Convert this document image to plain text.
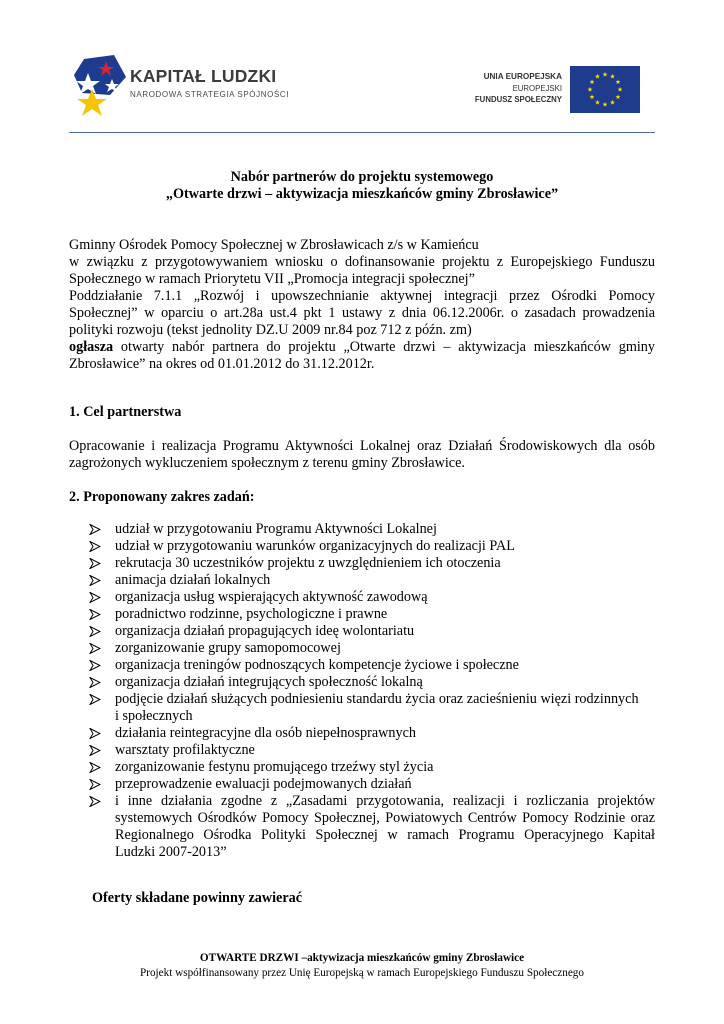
KAPITAŁ LUDZKI
NARODOWA STRATEGIA SPÓJNOŚCI
UNIA EUROPEJSKA
EUROPEJSKI
FUNDUSZ SPOŁECZNY
Nabór partnerów do projektu systemowego
„Otwarte drzwi – aktywizacja mieszkańców gminy Zbrosławice”
Gminny Ośrodek Pomocy Społecznej w Zbrosławicach z/s w Kamieńcu
w związku z przygotowywaniem wniosku o dofinansowanie projektu z Europejskiego Funduszu
Społecznego w ramach Priorytetu VII „Promocja integracji społecznej”
Poddziałanie 7.1.1 „Rozwój i upowszechnianie aktywnej integracji przez Ośrodki Pomocy
Społecznej” w oparciu o art.28a ust.4 pkt 1 ustawy z dnia 06.12.2006r. o zasadach prowadzenia
polityki rozwoju (tekst jednolity DZ.U 2009 nr.84 poz 712 z późn. zm)
ogłasza otwarty nabór partnera do projektu „Otwarte drzwi – aktywizacja mieszkańców gminy
Zbrosławice” na okres od 01.01.2012 do 31.12.2012r.
1. Cel partnerstwa
Opracowanie i realizacja Programu Aktywności Lokalnej oraz Działań Środowiskowych dla osób
zagrożonych wykluczeniem społecznym z terenu gminy Zbrosławice.
2. Proponowany zakres zadań:
udział w przygotowaniu Programu Aktywności Lokalnej
udział w przygotowaniu warunków organizacyjnych do realizacji PAL
rekrutacja 30 uczestników projektu z uwzględnieniem ich otoczenia
animacja działań lokalnych
organizacja usług wspierających aktywność zawodową
poradnictwo rodzinne, psychologiczne i prawne
organizacja działań propagujących ideę wolontariatu
zorganizowanie grupy samopomocowej
organizacja treningów podnoszących kompetencje życiowe i społeczne
organizacja działań integrujących społeczność lokalną
podjęcie działań służących podniesieniu standardu życia oraz zacieśnieniu więzi rodzinnych
i społecznych
działania reintegracyjne dla osób niepełnosprawnych
warsztaty profilaktyczne
zorganizowanie festynu promującego trzeźwy styl życia
przeprowadzenie ewaluacji podejmowanych działań
i inne działania zgodne z „Zasadami przygotowania, realizacji i rozliczania projektów
systemowych Ośrodków Pomocy Społecznej, Powiatowych Centrów Pomocy Rodzinie oraz
Regionalnego Ośrodka Polityki Społecznej w ramach Programu Operacyjnego Kapitał
Ludzki 2007-2013”
Oferty składane powinny zawierać
OTWARTE DRZWI –aktywizacja mieszkańców gminy Zbrosławice
Projekt współfinansowany przez Unię Europejską w ramach Europejskiego Funduszu Społecznego
